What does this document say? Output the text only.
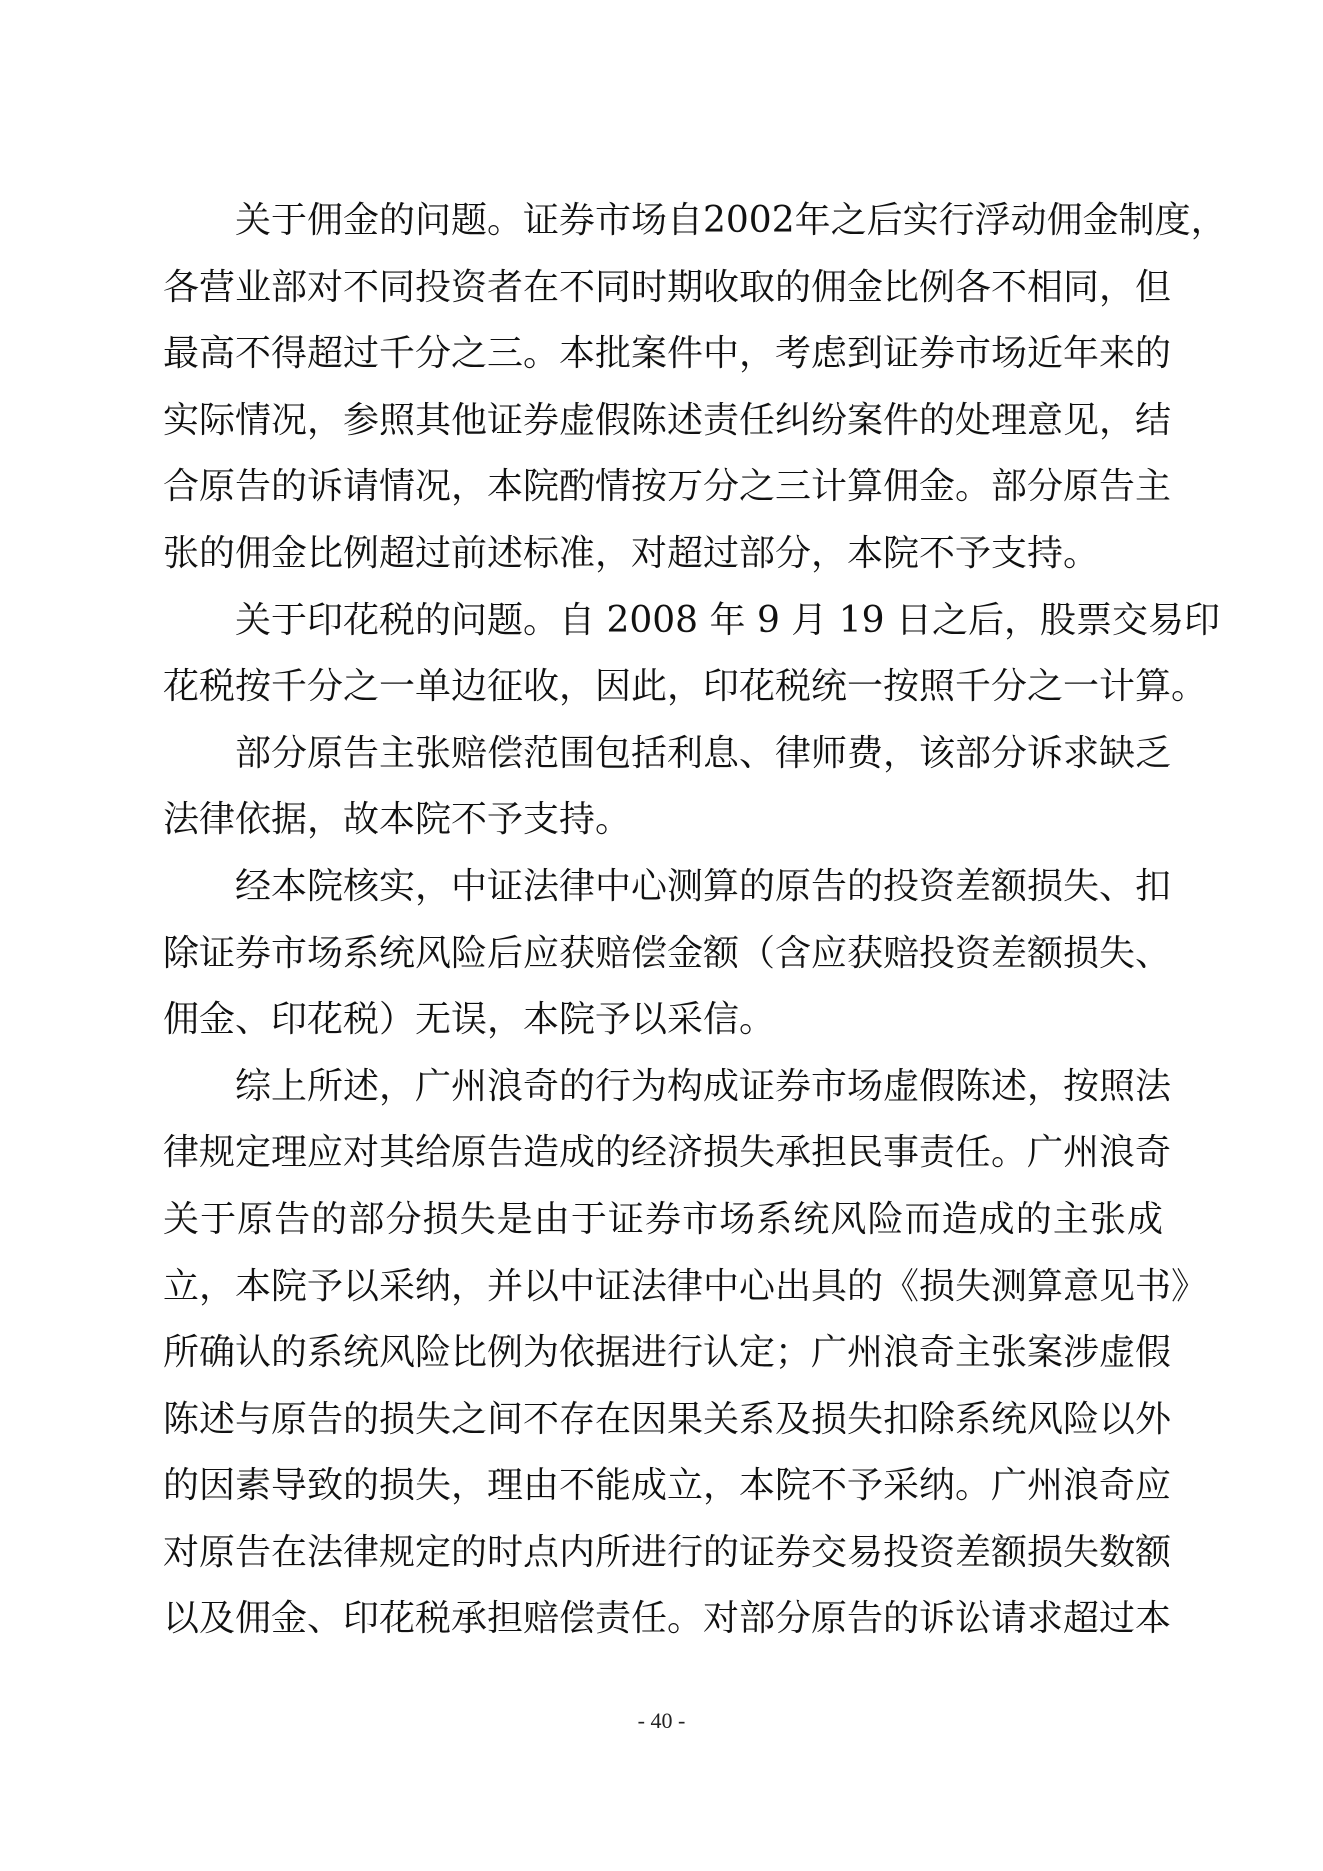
关于佣金的问题。证券市场自2002年之后实行浮动佣金制度，
各营业部对不同投资者在不同时期收取的佣金比例各不相同，但
最高不得超过千分之三。本批案件中，考虑到证券市场近年来的
实际情况，参照其他证券虚假陈述责任纠纷案件的处理意见，结
合原告的诉请情况，本院酌情按万分之三计算佣金。部分原告主
张的佣金比例超过前述标准，对超过部分，本院不予支持。
关于印花税的问题。自 2008 年 9 月 19 日之后，股票交易印
花税按千分之一单边征收，因此，印花税统一按照千分之一计算。
部分原告主张赔偿范围包括利息、律师费，该部分诉求缺乏
法律依据，故本院不予支持。
经本院核实，中证法律中心测算的原告的投资差额损失、扣
除证券市场系统风险后应获赔偿金额（含应获赔投资差额损失、
佣金、印花税）无误，本院予以采信。
综上所述，广州浪奇的行为构成证券市场虚假陈述，按照法
律规定理应对其给原告造成的经济损失承担民事责任。广州浪奇
关于原告的部分损失是由于证券市场系统风险而造成的主张成
立，本院予以采纳，并以中证法律中心出具的《损失测算意见书》
所确认的系统风险比例为依据进行认定；广州浪奇主张案涉虚假
陈述与原告的损失之间不存在因果关系及损失扣除系统风险以外
的因素导致的损失，理由不能成立，本院不予采纳。广州浪奇应
对原告在法律规定的时点内所进行的证券交易投资差额损失数额
以及佣金、印花税承担赔偿责任。对部分原告的诉讼请求超过本
- 40 -
